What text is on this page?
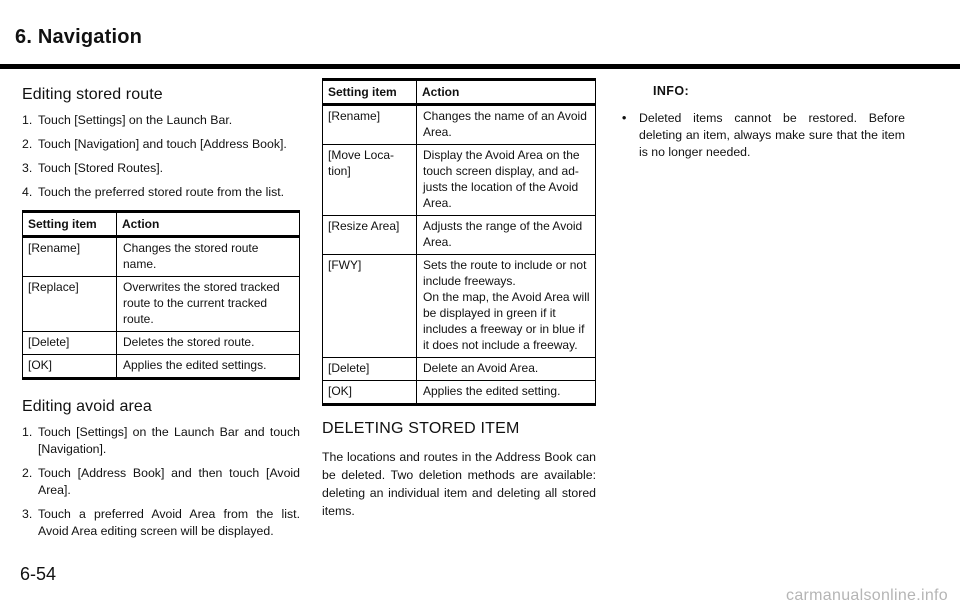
6. Navigation
Editing stored route
1. Touch [Settings] on the Launch Bar.
2. Touch [Navigation] and touch [Address Book].
3. Touch [Stored Routes].
4. Touch the preferred stored route from the list.
Setting item	Action
[Rename]	Changes the stored route name.
[Replace]	Overwrites the stored tracked route to the current tracked route.
[Delete]	Deletes the stored route.
[OK]	Applies the edited settings.
Editing avoid area
1. Touch [Settings] on the Launch Bar and touch [Navigation].
2. Touch [Address Book] and then touch [Avoid Area].
3. Touch a preferred Avoid Area from the list. Avoid Area editing screen will be displayed.
Setting item	Action
[Rename]	Changes the name of an Avoid Area.
[Move Loca-tion]	Display the Avoid Area on the touch screen display, and ad-justs the location of the Avoid Area.
[Resize Area]	Adjusts the range of the Avoid Area.
[FWY]	Sets the route to include or not include freeways.
On the map, the Avoid Area will be displayed in green if it includes a freeway or in blue if it does not include a freeway.

[Delete]	Delete an Avoid Area.
[OK]	Applies the edited setting.
DELETING STORED ITEM

The locations and routes in the Address Book can be deleted. Two deletion methods are available: deleting an individual item and deleting all stored items.

INFO:
• Deleted items cannot be restored. Before deleting an item, always make sure that the item is no longer needed.
6-54
carmanualsonline.info
